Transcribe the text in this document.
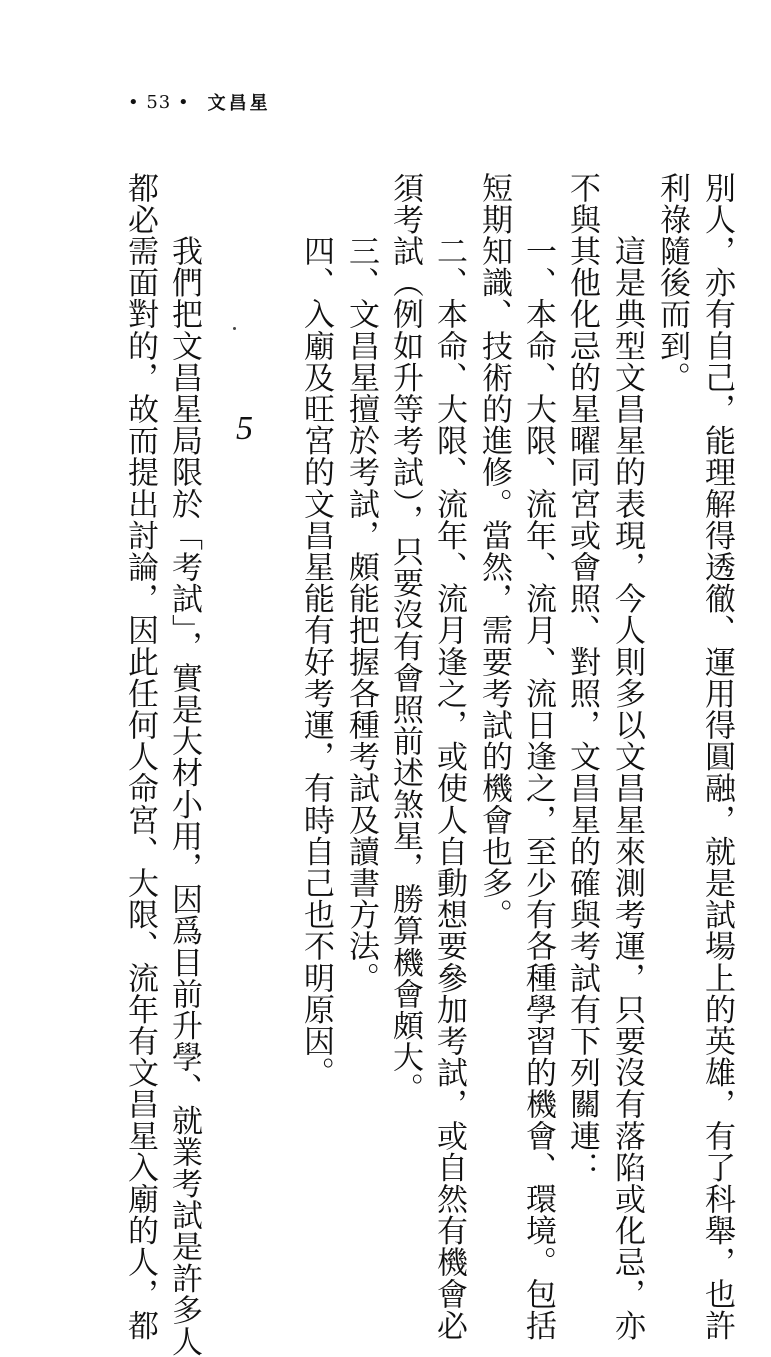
• 53 • 文昌星
別人，亦有自己，能理解得透徹、運用得圓融，就是試場上的英雄，有了科舉，也許
利祿隨後而到。
　　這是典型文昌星的表現，今人則多以文昌星來測考運，只要沒有落陷或化忌，亦
不與其他化忌的星曜同宮或會照、對照，文昌星的確與考試有下列關連：
　　一、本命、大限、流年、流月、流日逢之，至少有各種學習的機會、環境。包括
短期知識、技術的進修。當然，需要考試的機會也多。
　　二、本命、大限、流年、流月逢之，或使人自動想要參加考試，或自然有機會必
須考試（例如升等考試），只要沒有會照前述煞星，勝算機會頗大。
　　三、文昌星擅於考試，頗能把握各種考試及讀書方法。
　　四、入廟及旺宮的文昌星能有好考運，有時自己也不明原因。
5
　　我們把文昌星局限於「考試」，實是大材小用，因爲目前升學、就業考試是許多人
都必需面對的，故而提出討論，因此任何人命宮、大限、流年有文昌星入廟的人，都
